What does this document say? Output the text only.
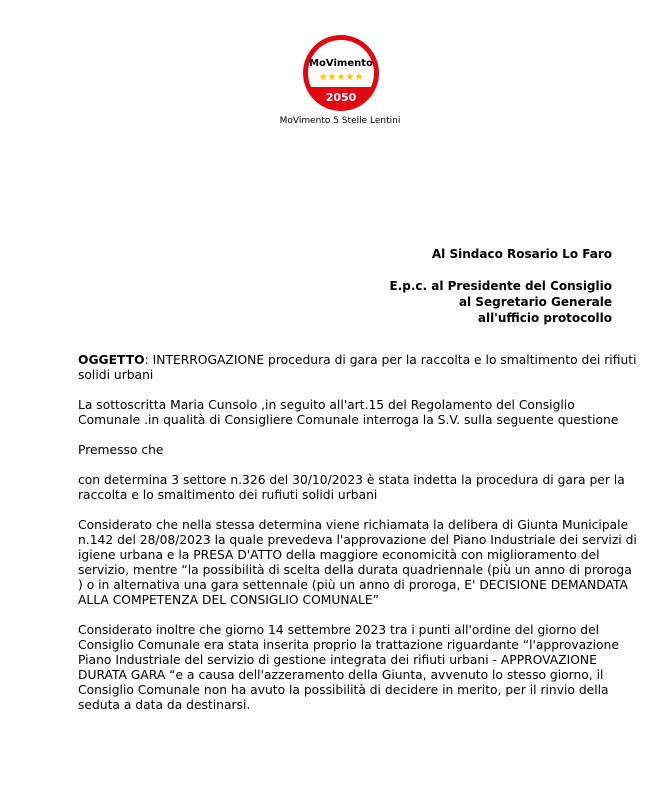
MoVimento
★★★★★
2050
MoVimento 5 Stelle Lentini
Al Sindaco Rosario Lo Faro
E.p.c. al Presidente del Consiglio
al Segretario Generale
all'ufficio protocollo

OGGETTO: INTERROGAZIONE procedura di gara per la raccolta e lo smaltimento dei rifiuti solidi urbani

La sottoscritta Maria Cunsolo ,in seguito all'art.15 del Regolamento del Consiglio Comunale .in qualità di Consigliere Comunale interroga la S.V. sulla seguente questione

Premesso che

con determina 3 settore n.326 del 30/10/2023 è stata indetta la procedura di gara per la raccolta e lo smaltimento dei rufiuti solidi urbani

Considerato che nella stessa determina viene richiamata la delibera di Giunta Municipale n.142 del 28/08/2023 la quale prevedeva l'approvazione del Piano Industriale dei servizi di igiene urbana e la PRESA D'ATTO della maggiore economicità con miglioramento del servizio, mentre “la possibilità di scelta della durata quadriennale (più un anno di proroga ) o in alternativa una gara settennale (più un anno di proroga, E' DECISIONE DEMANDATA ALLA COMPETENZA DEL CONSIGLIO COMUNALE”

Considerato inoltre che giorno 14 settembre 2023 tra i punti all'ordine del giorno del Consiglio Comunale era stata inserita proprio la trattazione riguardante “l'approvazione Piano Industriale del servizio di gestione integrata dei rifiuti urbani - APPROVAZIONE DURATA GARA “e a causa dell'azzeramento della Giunta, avvenuto lo stesso giorno, il Consiglio Comunale non ha avuto la possibilità di decidere in merito, per il rinvio della seduta a data da destinarsi.
